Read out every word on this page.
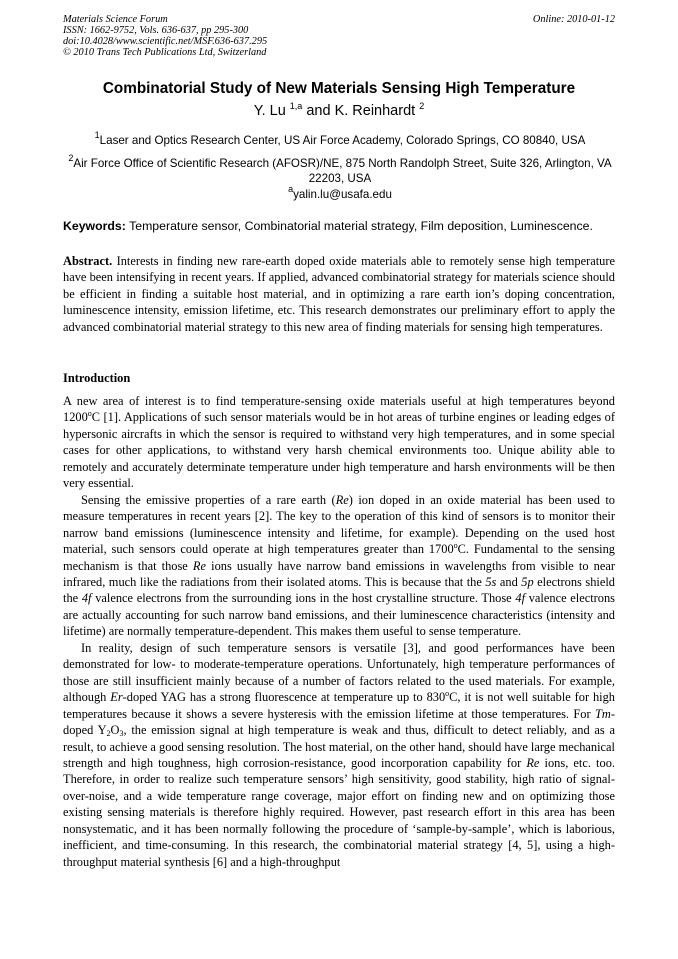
Materials Science Forum
ISSN: 1662-9752, Vols. 636-637, pp 295-300
doi:10.4028/www.scientific.net/MSF.636-637.295
© 2010 Trans Tech Publications Ltd, Switzerland
Online: 2010-01-12
Combinatorial Study of New Materials Sensing High Temperature
Y. Lu $^{1,a}$ and K. Reinhardt $^2$
$^1$Laser and Optics Research Center, US Air Force Academy, Colorado Springs, CO 80840, USA
$^2$Air Force Office of Scientific Research (AFOSR)/NE, 875 North Randolph Street, Suite 326, Arlington, VA 22203, USA
$^a$yalin.lu@usafa.edu
Keywords: Temperature sensor, Combinatorial material strategy, Film deposition, Luminescence.

Abstract. Interests in finding new rare-earth doped oxide materials able to remotely sense high temperature have been intensifying in recent years. If applied, advanced combinatorial strategy for materials science should be efficient in finding a suitable host material, and in optimizing a rare earth ion’s doping concentration, luminescence intensity, emission lifetime, etc. This research demonstrates our preliminary effort to apply the advanced combinatorial material strategy to this new area of finding materials for sensing high temperatures.

Introduction

A new area of interest is to find temperature-sensing oxide materials useful at high temperatures beyond 1200$^o$C [1]. Applications of such sensor materials would be in hot areas of turbine engines or leading edges of hypersonic aircrafts in which the sensor is required to withstand very high temperatures, and in some special cases for other applications, to withstand very harsh chemical environments too. Unique ability able to remotely and accurately determinate temperature under high temperature and harsh environments will be then very essential.

Sensing the emissive properties of a rare earth (Re) ion doped in an oxide material has been used to measure temperatures in recent years [2]. The key to the operation of this kind of sensors is to monitor their narrow band emissions (luminescence intensity and lifetime, for example). Depending on the used host material, such sensors could operate at high temperatures greater than 1700$^o$C. Fundamental to the sensing mechanism is that those Re ions usually have narrow band emissions in wavelengths from visible to near infrared, much like the radiations from their isolated atoms. This is because that the 5s and 5p electrons shield the 4f valence electrons from the surrounding ions in the host crystalline structure. Those 4f valence electrons are actually accounting for such narrow band emissions, and their luminescence characteristics (intensity and lifetime) are normally temperature-dependent. This makes them useful to sense temperature.

In reality, design of such temperature sensors is versatile [3], and good performances have been demonstrated for low- to moderate-temperature operations. Unfortunately, high temperature performances of those are still insufficient mainly because of a number of factors related to the used materials. For example, although Er-doped YAG has a strong fluorescence at temperature up to 830$^o$C, it is not well suitable for high temperatures because it shows a severe hysteresis with the emission lifetime at those temperatures. For Tm-doped $Y_2O_3$, the emission signal at high temperature is weak and thus, difficult to detect reliably, and as a result, to achieve a good sensing resolution. The host material, on the other hand, should have large mechanical strength and high toughness, high corrosion-resistance, good incorporation capability for Re ions, etc. too. Therefore, in order to realize such temperature sensors’ high sensitivity, good stability, high ratio of signal-over-noise, and a wide temperature range coverage, major effort on finding new and on optimizing those existing sensing materials is therefore highly required. However, past research effort in this area has been nonsystematic, and it has been normally following the procedure of ‘sample-by-sample’, which is laborious, inefficient, and time-consuming. In this research, the combinatorial material strategy [4, 5], using a high-throughput material synthesis [6] and a high-throughput
